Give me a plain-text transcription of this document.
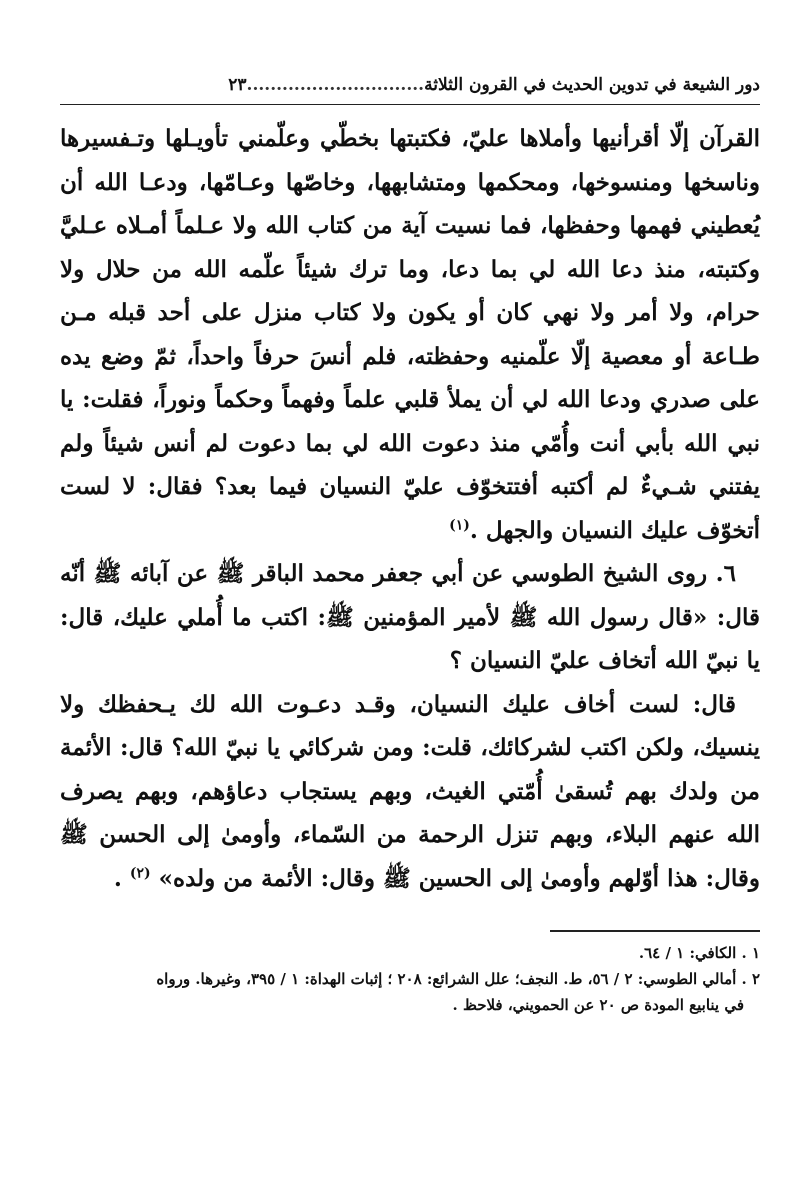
دور الشيعة في تدوين الحديث في القرون الثلاثة..............................٢٣

القرآن إلّا أقرأنيها وأملاها عليّ، فكتبتها بخطّي وعلّمني تأويـلها وتـفسيرها وناسخها ومنسوخها، ومحكمها ومتشابهها، وخاصّها وعـامّها، ودعـا الله أن يُعطيني فهمها وحفظها، فما نسيت آية من كتاب الله ولا عـلماً أمـلاه عـليَّ وكتبته، منذ دعا الله لي بما دعا، وما ترك شيئاً علّمه الله من حلال ولا حرام، ولا أمر ولا نهي كان أو يكون ولا كتاب منزل على أحد قبله مـن طـاعة أو معصية إلّا علّمنيه وحفظته، فلم أنسَ حرفاً واحداً، ثمّ وضع يده على صدري ودعا الله لي أن يملأ قلبي علماً وفهماً وحكماً ونوراً، فقلت: يا نبي الله بأبي أنت وأُمّي منذ دعوت الله لي بما دعوت لم أنس شيئاً ولم يفتني شـيءٌ لم أكتبه أفتتخوّف عليّ النسيان فيما بعد؟ فقال: لا لست أتخوّف عليك النسيان والجهل .$^{(١)}$

٦. روى الشيخ الطوسي عن أبي جعفر محمد الباقر ﷺ عن آبائه ﷺ أنّه قال: «قال رسول الله ﷺ لأمير المؤمنين ﷺ: اكتب ما أُملي عليك، قال: يا نبيّ الله أتخاف عليّ النسيان ؟

قال: لست أخاف عليك النسيان، وقـد دعـوت الله لك يـحفظك ولا ينسيك، ولكن اكتب لشركائك، قلت: ومن شركائي يا نبيّ الله؟ قال: الأئمة من ولدك بهم تُسقىٰ أُمّتي الغيث، وبهم يستجاب دعاؤهم، وبهم يصرف الله عنهم البلاء، وبهم تنزل الرحمة من السّماء، وأومىٰ إلى الحسن ﷺ وقال: هذا أوّلهم وأومىٰ إلى الحسين ﷺ وقال: الأئمة من ولده» $^{(٢)}$ .

١ . الكافي: ١ / ٦٤.

٢ . أمالي الطوسي: ٢ / ٥٦، ط. النجف؛ علل الشرائع: ٢٠٨ ؛ إثبات الهداة: ١ / ٣٩٥، وغيرها. ورواه

في ينابيع المودة ص ٢٠ عن الحمويني، فلاحظ .
